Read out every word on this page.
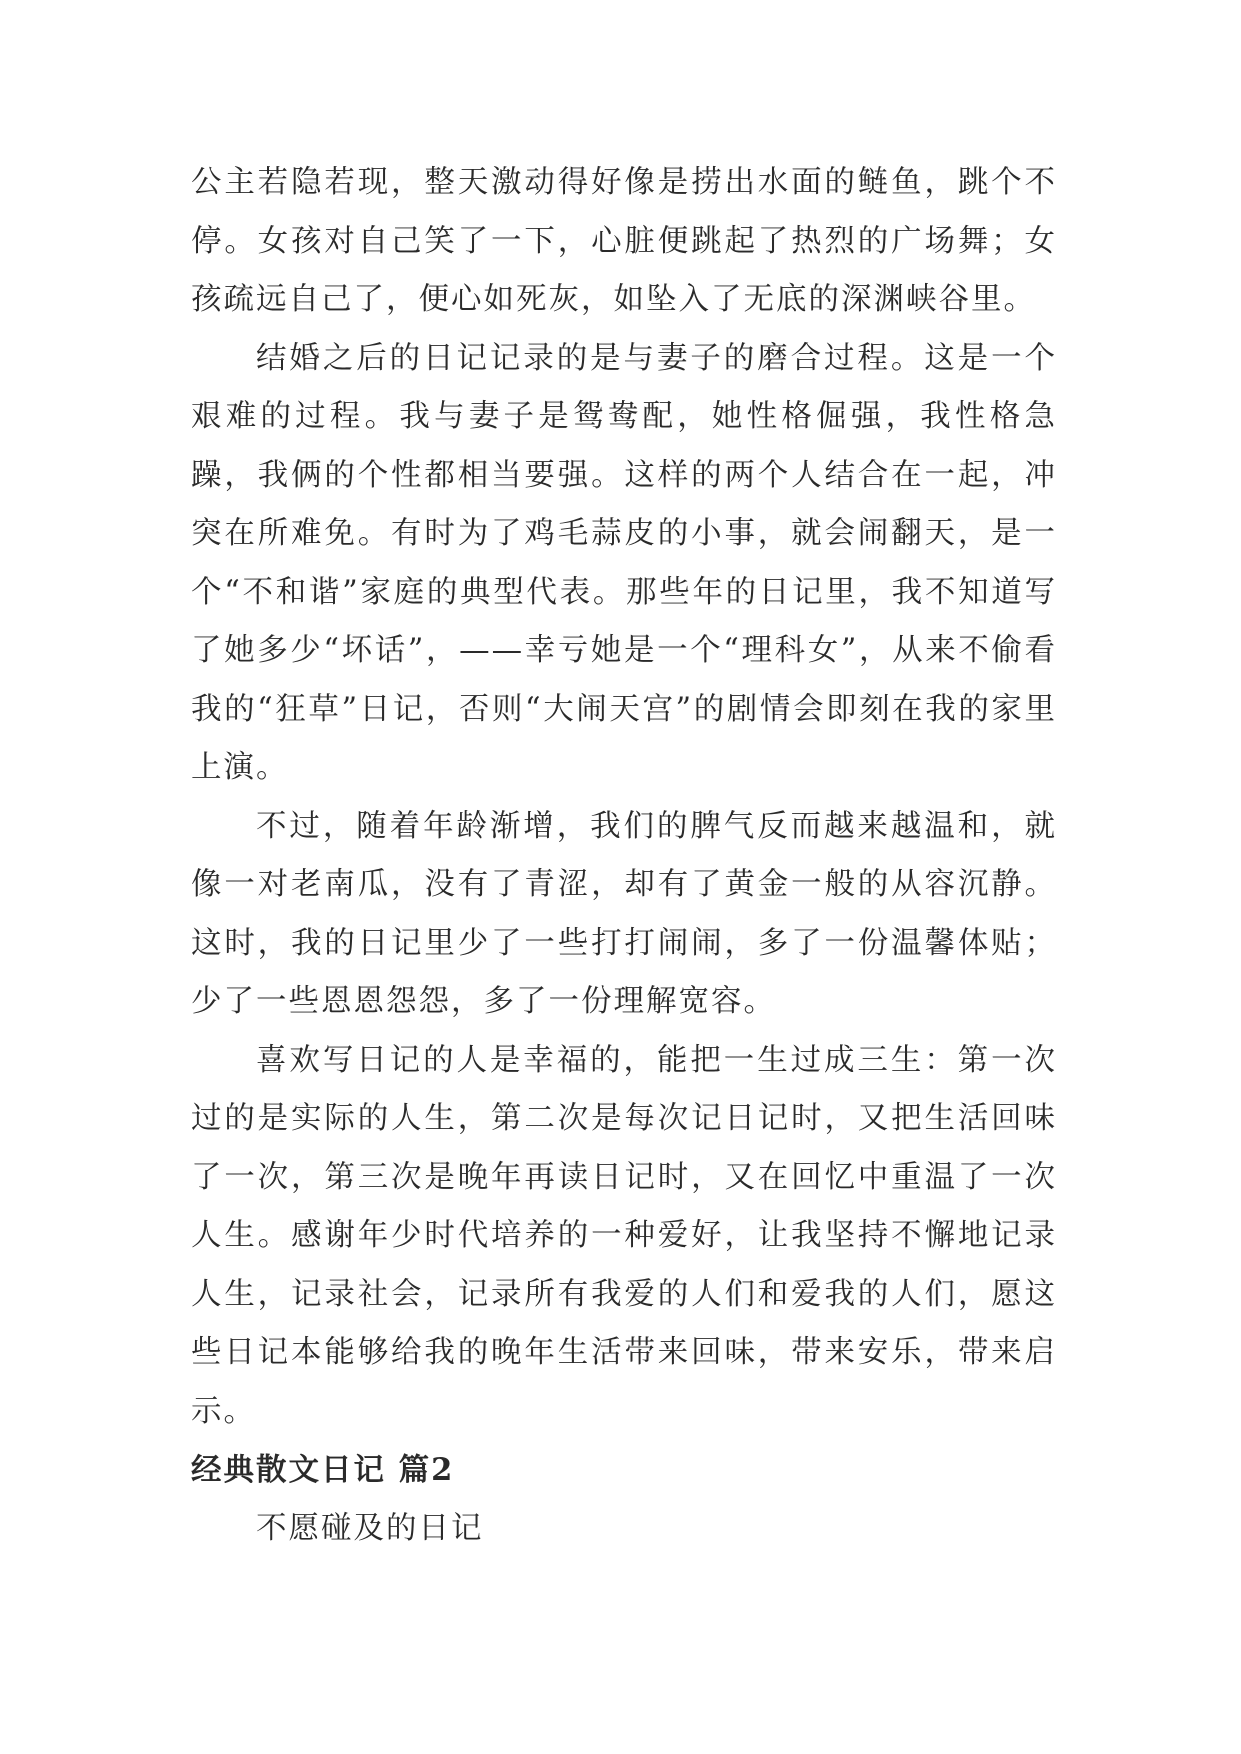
公主若隐若现，整天激动得好像是捞出水面的鲢鱼，跳个不停。女孩对自己笑了一下，心脏便跳起了热烈的广场舞；女孩疏远自己了，便心如死灰，如坠入了无底的深渊峡谷里。

结婚之后的日记记录的是与妻子的磨合过程。这是一个艰难的过程。我与妻子是鸳鸯配，她性格倔强，我性格急躁，我俩的个性都相当要强。这样的两个人结合在一起，冲突在所难免。有时为了鸡毛蒜皮的小事，就会闹翻天，是一个“不和谐”家庭的典型代表。那些年的日记里，我不知道写了她多少“坏话”，——幸亏她是一个“理科女”，从来不偷看我的“狂草”日记，否则“大闹天宫”的剧情会即刻在我的家里上演。

不过，随着年龄渐增，我们的脾气反而越来越温和，就像一对老南瓜，没有了青涩，却有了黄金一般的从容沉静。这时，我的日记里少了一些打打闹闹，多了一份温馨体贴；少了一些恩恩怨怨，多了一份理解宽容。

喜欢写日记的人是幸福的，能把一生过成三生：第一次过的是实际的人生，第二次是每次记日记时，又把生活回味了一次，第三次是晚年再读日记时，又在回忆中重温了一次人生。感谢年少时代培养的一种爱好，让我坚持不懈地记录人生，记录社会，记录所有我爱的人们和爱我的人们，愿这些日记本能够给我的晚年生活带来回味，带来安乐，带来启示。

经典散文日记 篇2

不愿碰及的日记
